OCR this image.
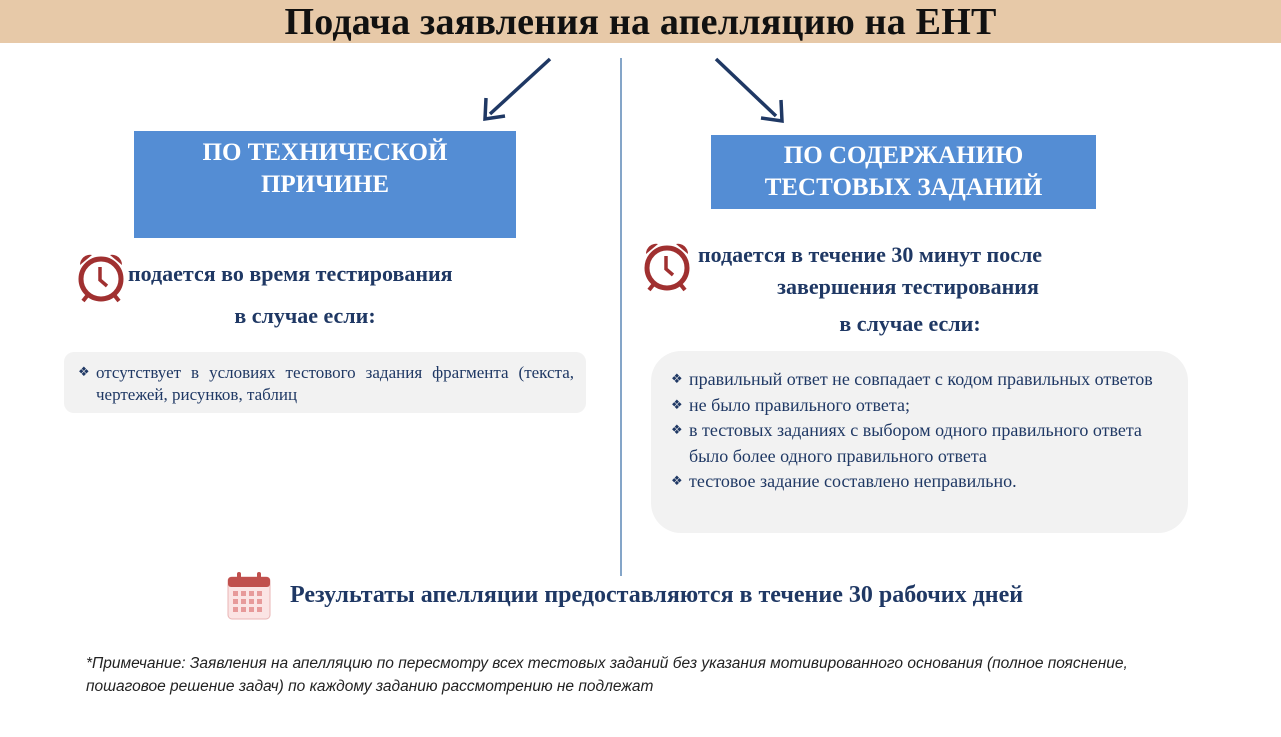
Подача заявления на апелляцию на ЕНТ
ПО ТЕХНИЧЕСКОЙ
ПРИЧИНЕ
подается во время тестирования
в случае если:
❖ отсутствует в условиях тестового задания фрагмента (текста, чертежей, рисунков, таблиц
ПО СОДЕРЖАНИЮ
ТЕСТОВЫХ ЗАДАНИЙ
подается в течение 30 минут после
завершения тестирования
в случае если:
❖ правильный ответ не совпадает с кодом правильных ответов
❖ не было правильного ответа;
❖ в тестовых заданиях с выбором одного правильного ответа было более одного правильного ответа
❖ тестовое задание составлено неправильно.
Результаты апелляции предоставляются в течение 30 рабочих дней
*Примечание: Заявления на апелляцию по пересмотру всех тестовых заданий без указания мотивированного основания (полное пояснение, пошаговое решение задач) по каждому заданию рассмотрению не подлежат
